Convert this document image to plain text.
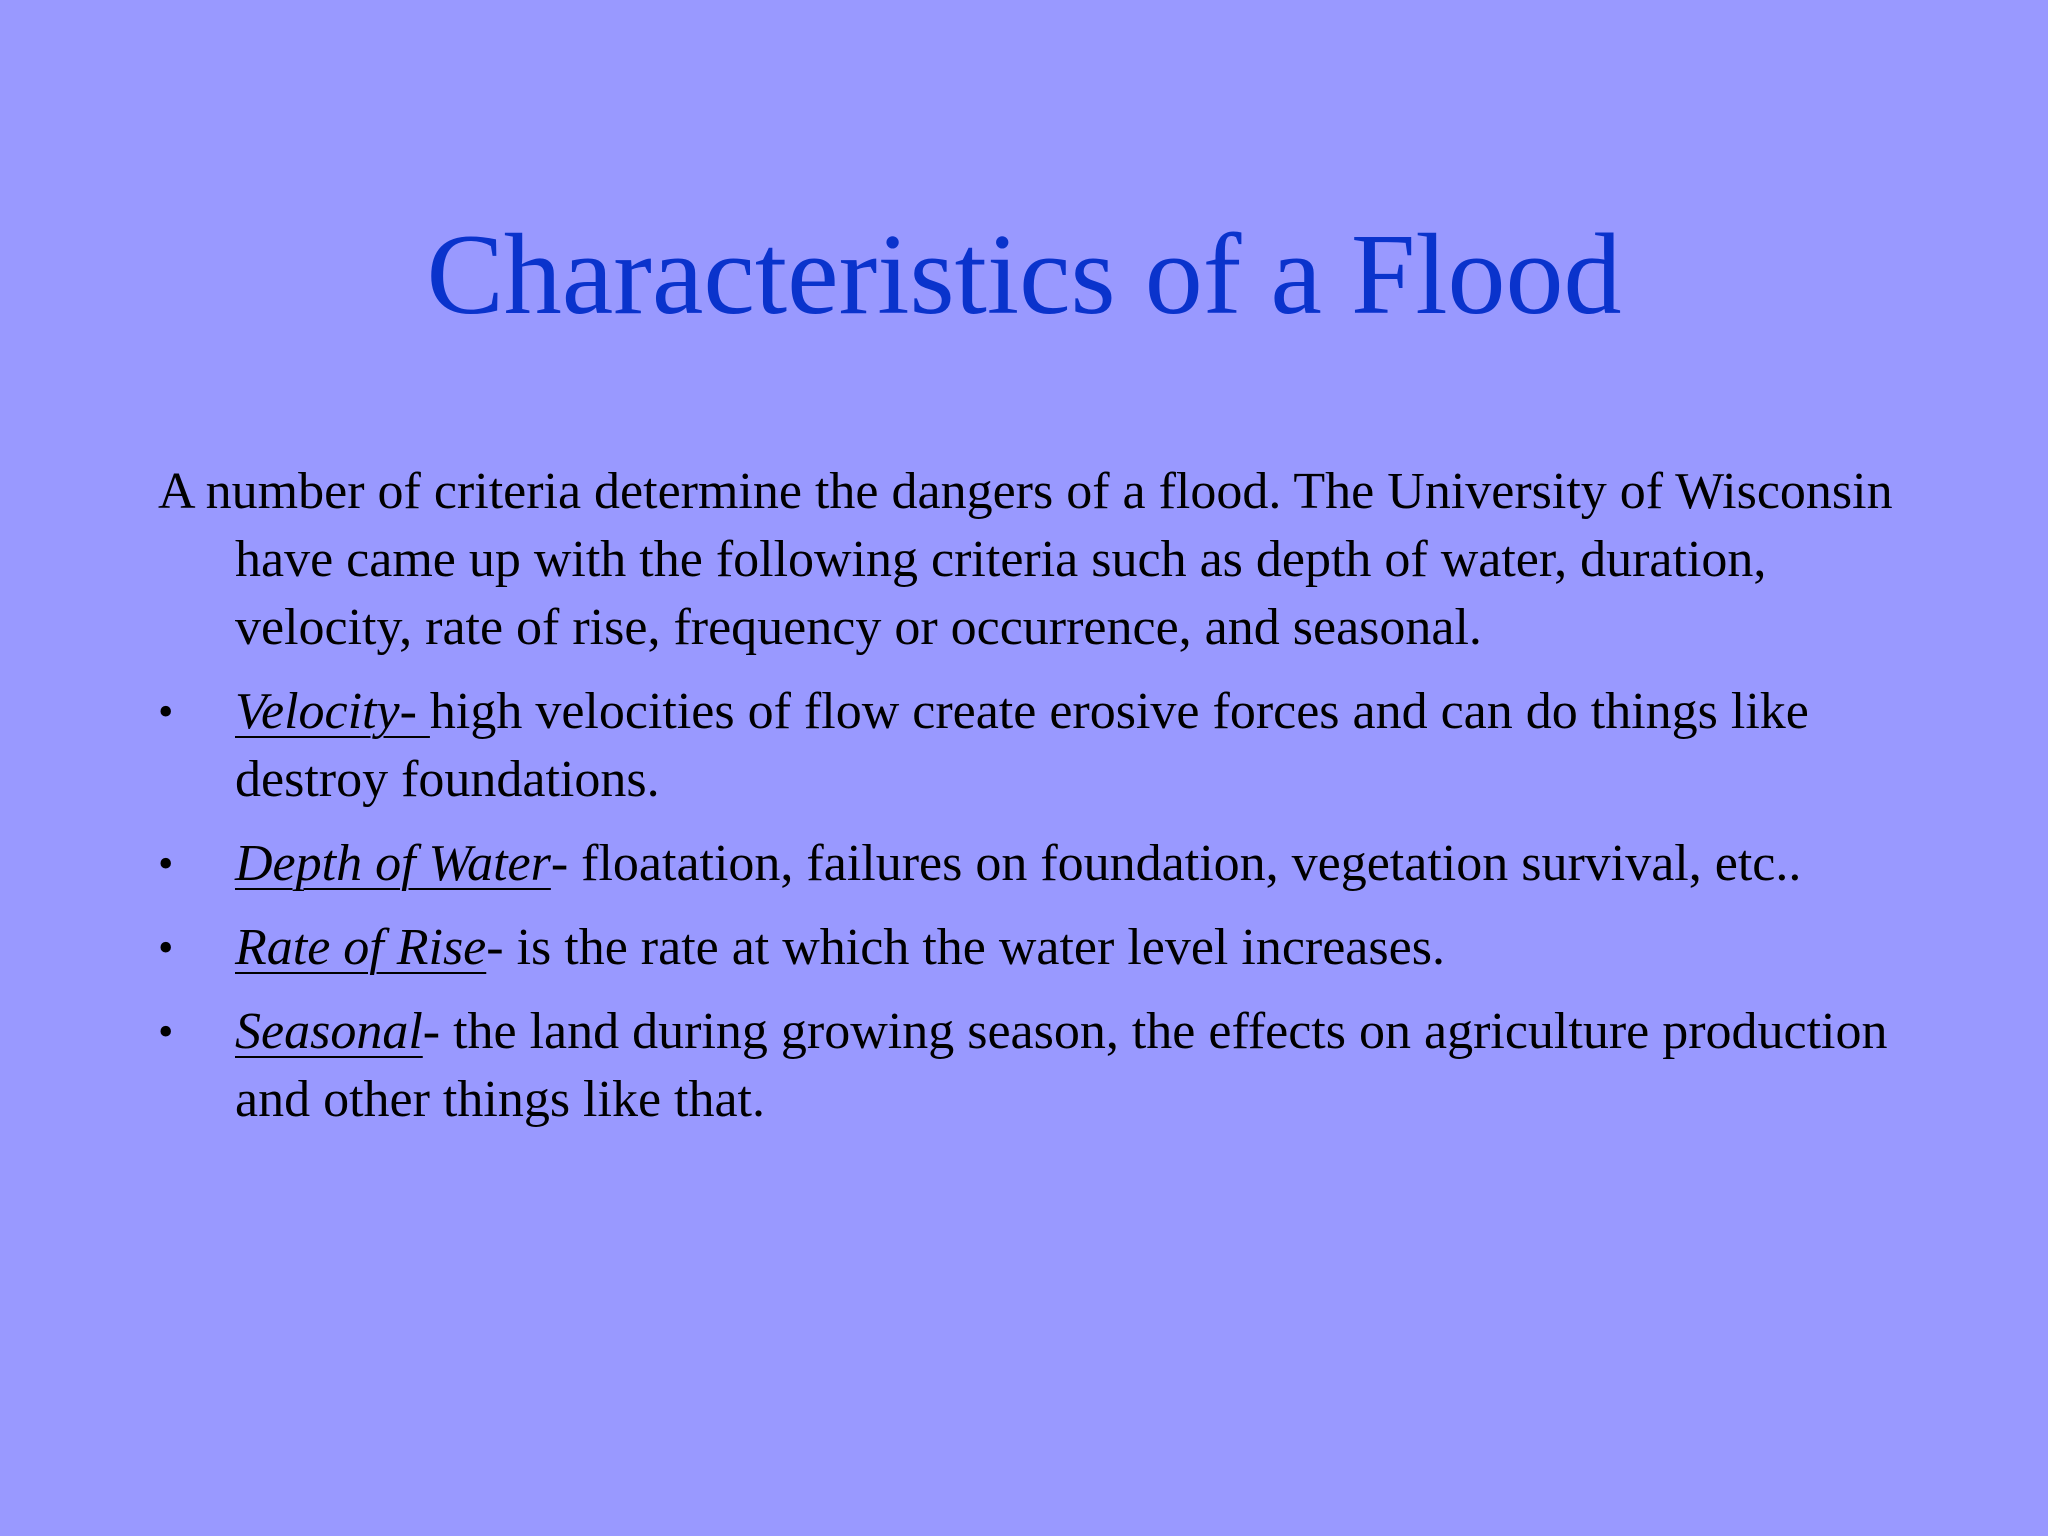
Characteristics of a Flood

A number of criteria determine the dangers of a flood. The University of Wisconsin have came up with the following criteria such as depth of water, duration, velocity, rate of rise, frequency or occurrence, and seasonal.

•	Velocity- high velocities of flow create erosive forces and can do things like destroy foundations.
•	Depth of Water- floatation, failures on foundation, vegetation survival, etc..
•	Rate of Rise- is the rate at which the water level increases.
•	Seasonal- the land during growing season, the effects on agriculture production and other things like that.
